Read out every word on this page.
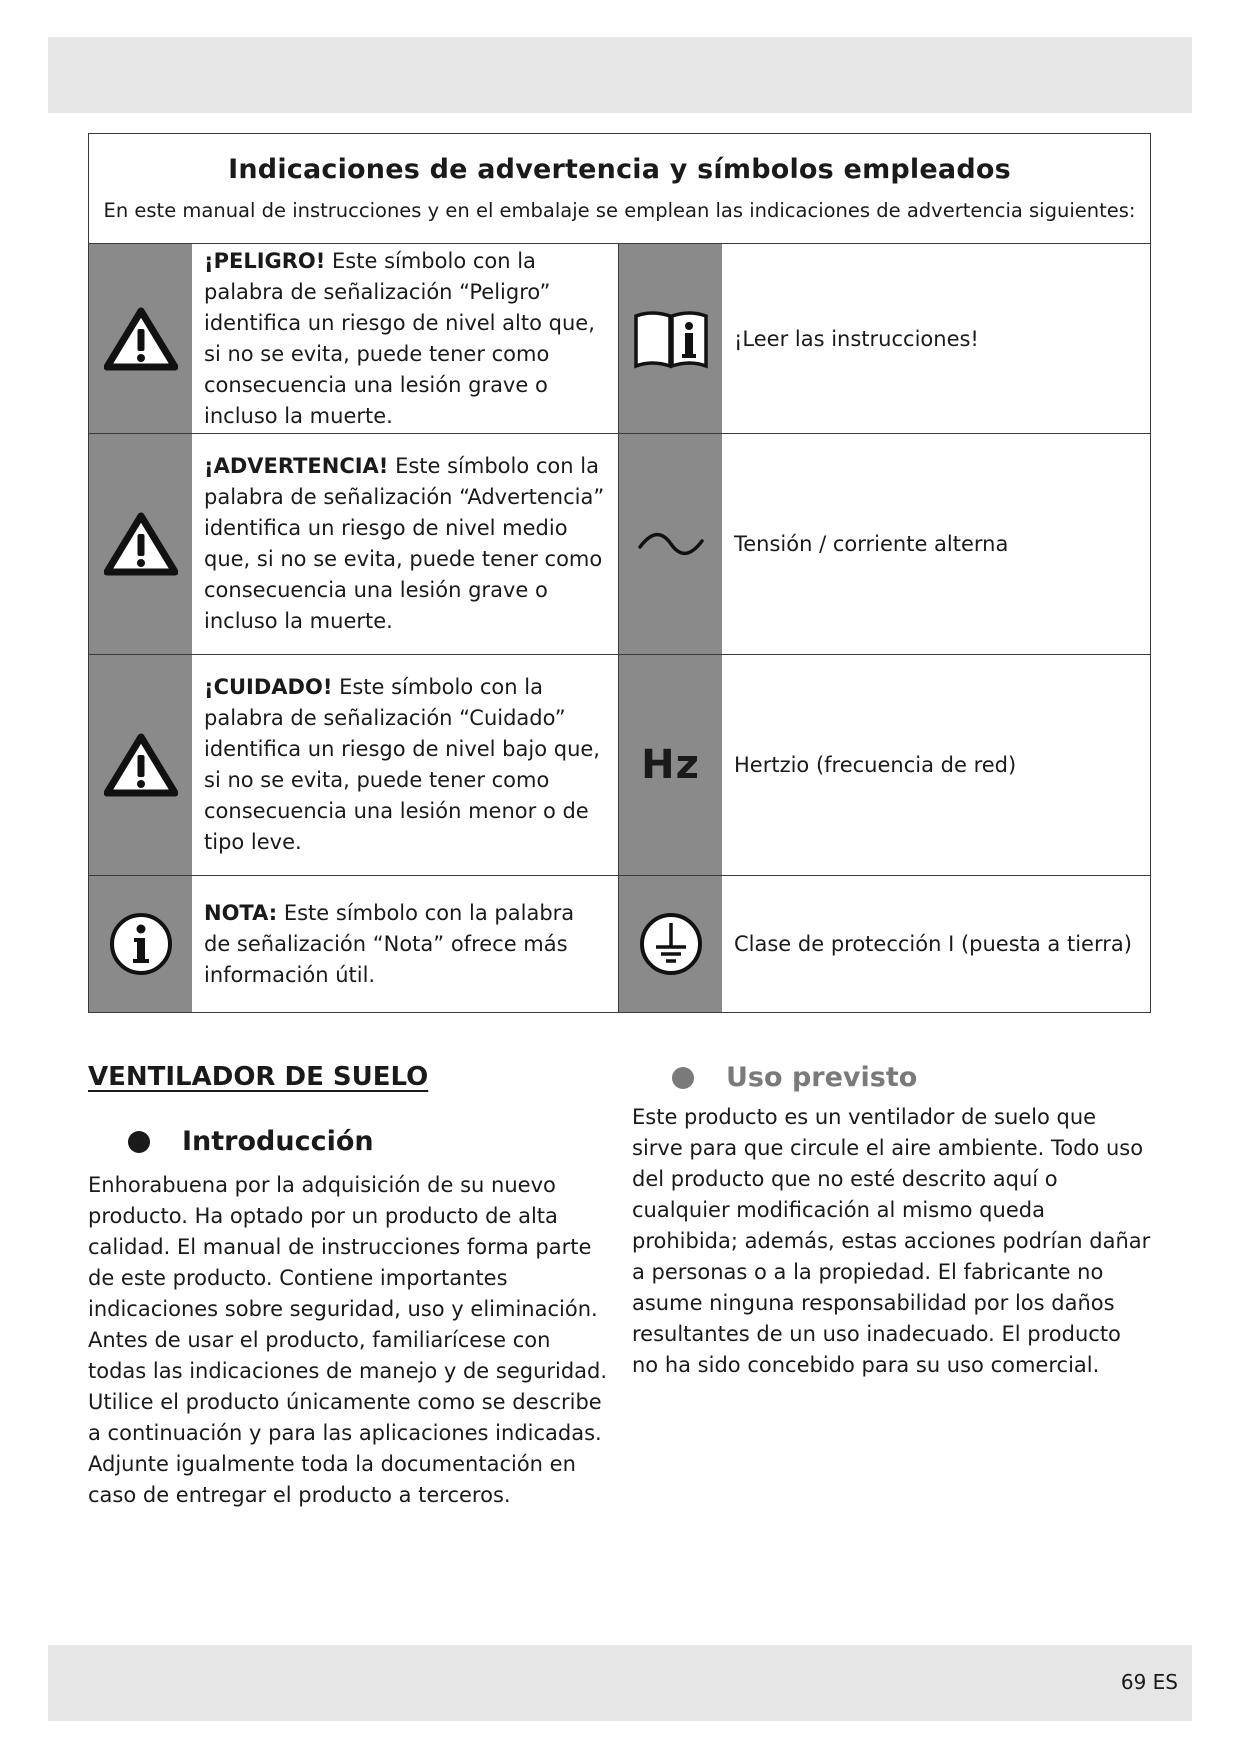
Indicaciones de advertencia y símbolos empleados

En este manual de instrucciones y en el embalaje se emplean las indicaciones de advertencia siguientes:

¡PELIGRO! Este símbolo con la palabra de señalización “Peligro” identifica un riesgo de nivel alto que, si no se evita, puede tener como consecuencia una lesión grave o incluso la muerte.
¡Leer las instrucciones!
¡ADVERTENCIA! Este símbolo con la palabra de señalización “Advertencia” identifica un riesgo de nivel medio que, si no se evita, puede tener como consecuencia una lesión grave o incluso la muerte.
Tensión / corriente alterna
¡CUIDADO! Este símbolo con la palabra de señalización “Cuidado” identifica un riesgo de nivel bajo que, si no se evita, puede tener como consecuencia una lesión menor o de tipo leve.
Hz	Hertzio (frecuencia de red)
NOTA: Este símbolo con la palabra de señalización “Nota” ofrece más información útil.
Clase de protección I (puesta a tierra)
VENTILADOR DE SUELO
Introducción

Enhorabuena por la adquisición de su nuevo producto. Ha optado por un producto de alta calidad. El manual de instrucciones forma parte de este producto. Contiene importantes indicaciones sobre seguridad, uso y eliminación. Antes de usar el producto, familiarícese con todas las indicaciones de manejo y de seguridad. Utilice el producto únicamente como se describe a continuación y para las aplicaciones indicadas. Adjunte igualmente toda la documentación en caso de entregar el producto a terceros.

Uso previsto

Este producto es un ventilador de suelo que sirve para que circule el aire ambiente. Todo uso del producto que no esté descrito aquí o cualquier modificación al mismo queda prohibida; además, estas acciones podrían dañar a personas o a la propiedad. El fabricante no asume ninguna responsabilidad por los daños resultantes de un uso inadecuado. El producto no ha sido concebido para su uso comercial.

69 ES
